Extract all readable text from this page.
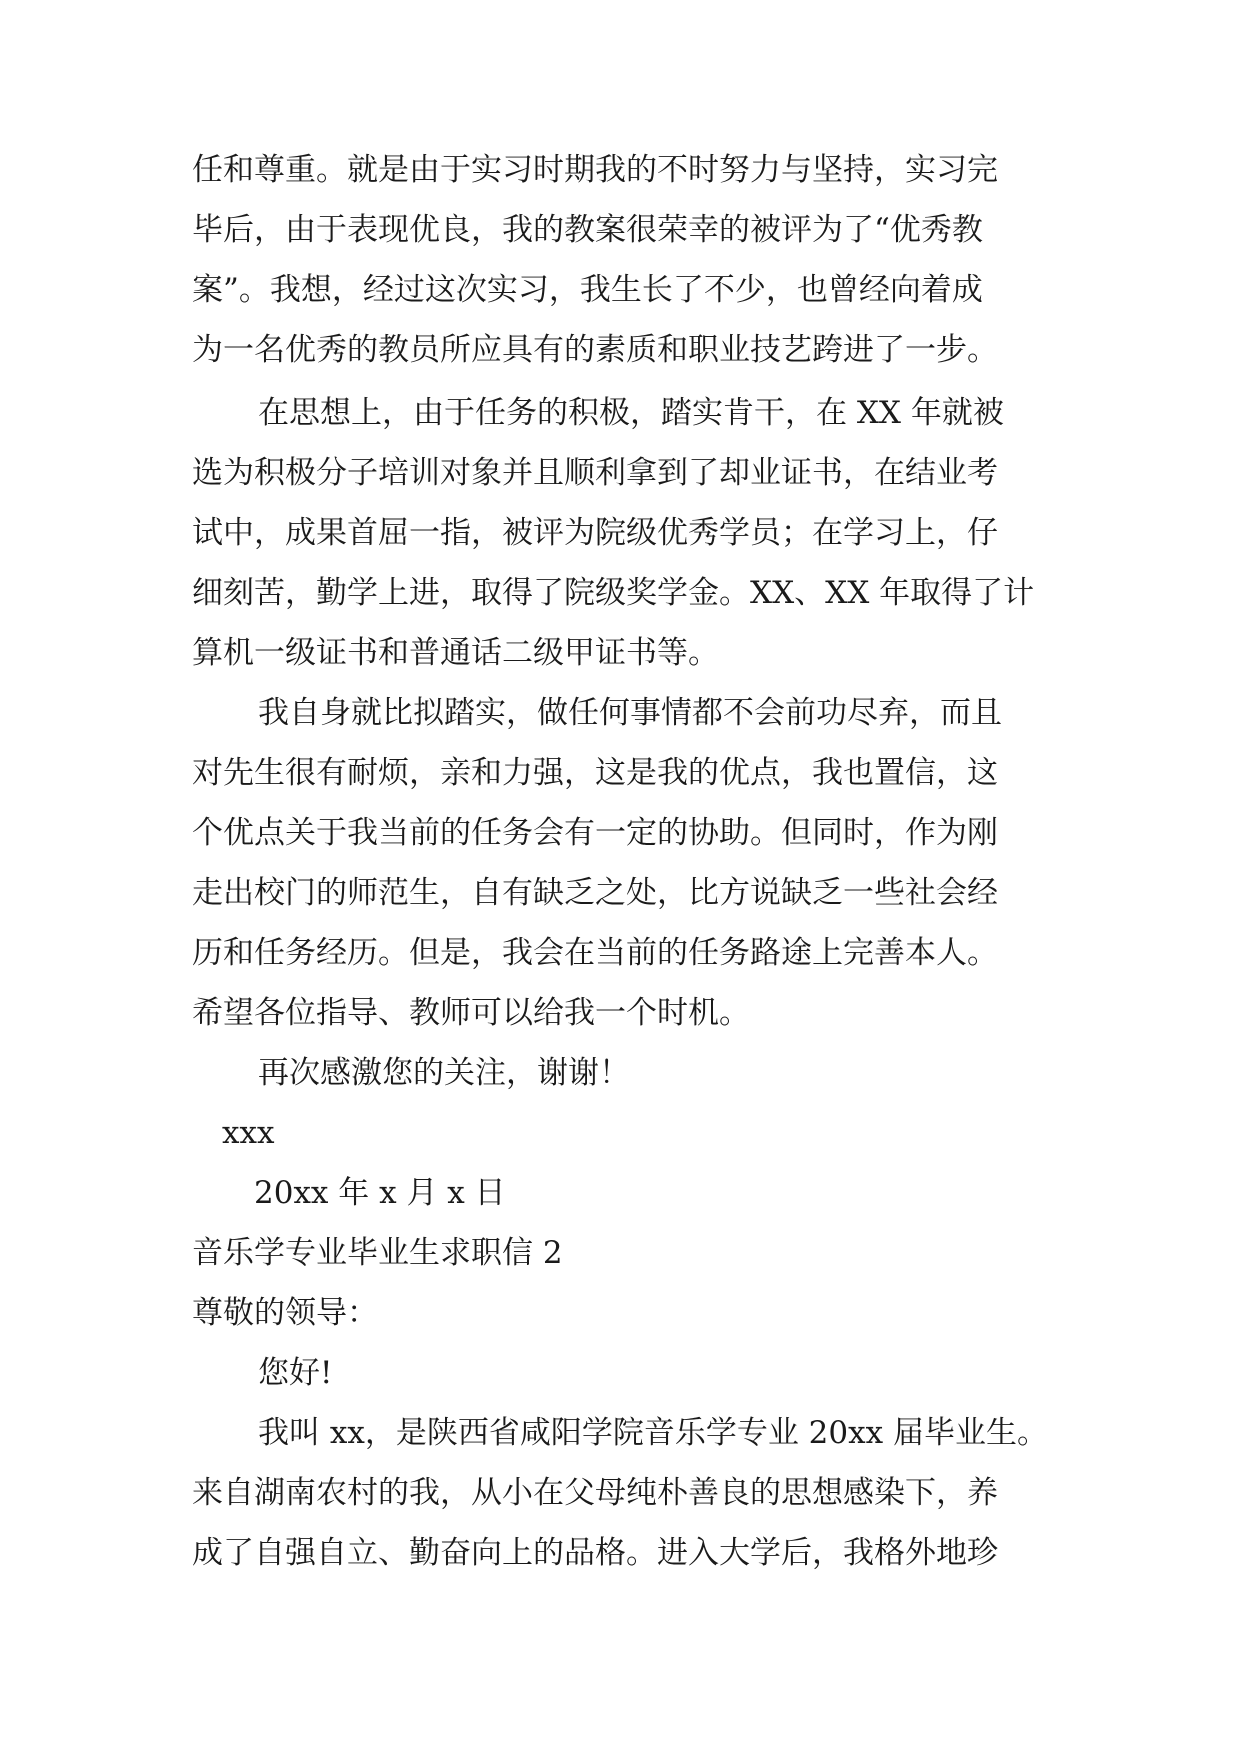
任和尊重。就是由于实习时期我的不时努力与坚持，实习完

毕后，由于表现优良，我的教案很荣幸的被评为了“优秀教

案”。我想，经过这次实习，我生长了不少，也曾经向着成

为一名优秀的教员所应具有的素质和职业技艺跨进了一步。

在思想上，由于任务的积极，踏实肯干，在 XX 年就被

选为积极分子培训对象并且顺利拿到了却业证书，在结业考

试中，成果首屈一指，被评为院级优秀学员；在学习上，仔

细刻苦，勤学上进，取得了院级奖学金。XX、XX 年取得了计

算机一级证书和普通话二级甲证书等。

我自身就比拟踏实，做任何事情都不会前功尽弃，而且

对先生很有耐烦，亲和力强，这是我的优点，我也置信，这

个优点关于我当前的任务会有一定的协助。但同时，作为刚

走出校门的师范生，自有缺乏之处，比方说缺乏一些社会经

历和任务经历。但是，我会在当前的任务路途上完善本人。

希望各位指导、教师可以给我一个时机。

再次感激您的关注，谢谢！

xxx

20xx 年 x 月 x 日

音乐学专业毕业生求职信 2

尊敬的领导：

您好!

我叫 xx，是陕西省咸阳学院音乐学专业 20xx 届毕业生。

来自湖南农村的我，从小在父母纯朴善良的思想感染下，养

成了自强自立、勤奋向上的品格。进入大学后，我格外地珍
